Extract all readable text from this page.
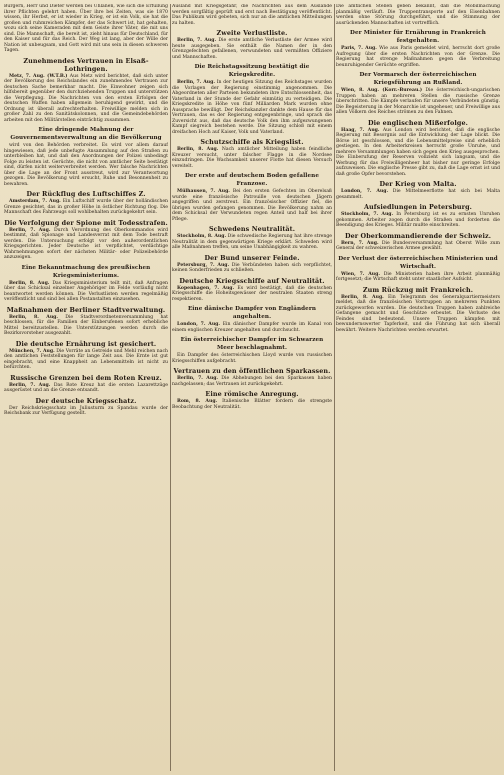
Bürgern, Herr und Dieter werden bei Uhlanen, wie sich die Erfüllung ihrer Pflichten gelehrt haben. Über ihre bei Zeiten, was sie 1870 wissen, ihr Herbst, er ist wieder in Krieg, er ist ein Volk, sie hat die großen und ruhmreichen Kämpfer, der das Schwert ist, hat gehalten, wozu sich seine Kameraden mit dem Geiste ihrer Väter, die mit uns sind. Die Mannschaft, die bereit ist, zieht hinaus für Deutschland, für den Kaiser und für das Reich. Der Weg ist lang, aber der Wille der Nation ist unbeugsam, und Gott wird mit uns sein in diesen schweren Tagen.

Zunehmendes Vertrauen in Elsaß-Lothringen.

Metz, 7. Aug. (W.T.B.) Aus Metz wird berichtet, daß sich unter der Bevölkerung des Reichslandes ein zunehmendes Vertrauen zur deutschen Sache bemerkbar macht. Die Einwohner zeigen sich hilfsbereit gegenüber den durchziehenden Truppen und unterstützen die Verpflegung. Die Nachrichten von den ersten Erfolgen der deutschen Waffen haben allgemein beruhigend gewirkt, und die Ordnung ist überall aufrechterhalten. Freiwillige melden sich in großer Zahl zu den Sanitätskolonnen, und die Gemeindebehörden arbeiten mit den Militärstellen einträchtig zusammen.

Eine dringende Mahnung der Gouvernementsverwaltung an die Bevölkerung

wird von den Behörden verbreitet. Es wird vor allem darauf hingewiesen, daß jede unbefugte Ansammlung auf den Straßen zu unterbleiben hat, und daß den Anordnungen der Polizei unbedingt Folge zu leisten ist. Gerüchte, die nicht von amtlicher Seite bestätigt sind, dürfen nicht weiterverbreitet werden. Wer falsche Nachrichten über die Lage an der Front ausstreut, wird zur Verantwortung gezogen. Die Bevölkerung wird ersucht, Ruhe und Besonnenheit zu bewahren.

Der Rückflug des Luftschiffes Z.

Amsterdam, 7. Aug. Ein Luftschiff wurde über der holländischen Grenze gesichtet, das in großer Höhe in östlicher Richtung flog. Die Mannschaft des Fahrzeugs soll wohlbehalten zurückgekehrt sein.

Die Verfolgung der Spione mit Todesstrafen.

Berlin, 7. Aug. Durch Verordnung des Oberkommandos wird bestimmt, daß Spionage und Landesverrat mit dem Tode bestraft werden. Die Untersuchung erfolgt vor den außerordentlichen Kriegsgerichten. Jeder Deutsche ist verpflichtet, verdächtige Wahrnehmungen sofort der nächsten Militär- oder Polizeibehörde anzuzeigen.

Eine Bekanntmachung des preußischen Kriegsministeriums.

Berlin, 8. Aug. Das Kriegsministerium teilt mit, daß Anfragen über das Schicksal einzelner Angehöriger im Felde vorläufig nicht beantwortet werden können. Die Verlustlisten werden regelmäßig veröffentlicht und sind bei allen Postanstalten einzusehen.

Maßnahmen der Berliner Stadtverwaltung.

Berlin, 8. Aug. Die Stadtverordnetenversammlung hat beschlossen, für die Familien der Einberufenen sofort erhebliche Mittel bereitzustellen. Die Unterstützungen werden durch die Bezirksvorsteher ausgezahlt.

Die deutsche Ernährung ist gesichert.

München, 7. Aug. Die Vorräte an Getreide und Mehl reichen nach den amtlichen Feststellungen für lange Zeit aus. Die Ernte ist gut eingebracht, und eine Knappheit an Lebensmitteln ist nicht zu befürchten.

Russische Grenzen bei dem Roten Kreuz.

Berlin, 7. Aug. Das Rote Kreuz hat die ersten Lazarettzüge ausgerüstet und an die Grenze entsandt.

Der deutsche Kriegsschatz.

Der Reichskriegsschatz im Juliusturm zu Spandau wurde der Reichsbank zur Verfügung gestellt.

Ausland mit Kriegsgefahr, die Nachrichten aus dem Auslande werden sorgfältig geprüft und erst nach Bestätigung veröffentlicht. Das Publikum wird gebeten, sich nur an die amtlichen Mitteilungen zu halten.

Zweite Verlustliste.

Berlin, 7. Aug. Die erste amtliche Verlustliste der Armee wird heute ausgegeben. Sie enthält die Namen der in den Grenzgefechten gefallenen, verwundeten und vermißten Offiziere und Mannschaften.

Die Reichstagssitzung bestätigt die Kriegskredite.

Berlin, 7. Aug. In der heutigen Sitzung des Reichstages wurden die Vorlagen der Regierung einstimmig angenommen. Die Abgeordneten aller Parteien bekundeten ihre Entschlossenheit, das Vaterland in der Stunde der Gefahr einmütig zu verteidigen. Die Kriegskredite in Höhe von fünf Milliarden Mark wurden ohne Aussprache bewilligt. Der Reichskanzler dankte dem Hause für das Vertrauen, das es der Regierung entgegenbringe, und sprach die Zuversicht aus, daß das deutsche Volk den ihm aufgezwungenen Kampf siegreich bestehen werde. Die Sitzung schloß mit einem dreifachen Hoch auf Kaiser, Volk und Vaterland.

Schutzschiffe als Kriegslist.

Berlin, 8. Aug. Nach amtlicher Mitteilung haben feindliche Kreuzer versucht, unter falscher Flagge in die Nordsee einzudringen. Die Wachsamkeit unserer Flotte hat diesen Versuch vereitelt.

Der erste auf deutschem Boden gefallene Franzose.

Mülhausen, 7. Aug. Bei den ersten Gefechten im Oberelsaß wurde eine französische Patrouille von deutschen Jägern angegriffen und zerstreut. Ein französischer Offizier fiel, die übrigen wurden gefangen genommen. Die Bevölkerung nahm an dem Schicksal der Verwundeten regen Anteil und half bei ihrer Pflege.

Schwedens Neutralität.

Stockholm, 8. Aug. Die schwedische Regierung hat ihre strenge Neutralität in dem gegenwärtigen Kriege erklärt. Schweden wird alle Maßnahmen treffen, um seine Unabhängigkeit zu wahren.

Der Bund unserer Feinde.

Petersburg, 7. Aug. Die Verbündeten haben sich verpflichtet, keinen Sonderfrieden zu schließen.

Deutsche Kriegsschiffe auf Neutralität.

Kopenhagen, 7. Aug. Es wird bestätigt, daß die deutschen Kriegsschiffe die Hoheitsgewässer der neutralen Staaten streng respektieren.

Eine dänische Dampfer von Engländern angehalten.

London, 7. Aug. Ein dänischer Dampfer wurde im Kanal von einem englischen Kreuzer angehalten und durchsucht.

Ein österreichischer Dampfer im Schwarzen Meer beschlagnahmt.

Ein Dampfer des österreichischen Lloyd wurde von russischen Kriegsschiffen aufgebracht.

Vertrauen zu den öffentlichen Sparkassen.

Berlin, 7. Aug. Die Abhebungen bei den Sparkassen haben nachgelassen; das Vertrauen ist zurückgekehrt.

Eine römische Anregung.

Rom, 8. Aug. Italienische Blätter fordern die strengste Beobachtung der Neutralität.

Die amtlichen Stellen geben bekannt, daß die Mobilmachung planmäßig verläuft. Die Truppentransporte auf den Eisenbahnen werden ohne Störung durchgeführt, und die Stimmung der ausrückenden Mannschaften ist vortrefflich.

Der Minister für Ernährung in Frankreich festgehalten.

Paris, 7. Aug. Wie aus Paris gemeldet wird, herrscht dort große Aufregung über die ersten Nachrichten von der Grenze. Die Regierung hat strenge Maßnahmen gegen die Verbreitung beunruhigender Gerüchte ergriffen.

Der Vormarsch der österreichischen Kriegsführung an Rußland.

Wien, 8. Aug. (Korr.-Bureau.) Die österreichisch-ungarischen Truppen haben an mehreren Stellen die russische Grenze überschritten. Die Kämpfe verlaufen für unsere Verbündeten günstig. Die Begeisterung in der Monarchie ist ungeheuer, und Freiwillige aus allen Völkern des Reiches strömen zu den Fahnen.

Die englischen Mißerfolge.

Haag, 7. Aug. Aus London wird berichtet, daß die englische Regierung mit Besorgnis auf die Entwicklung der Lage blickt. Die Börse ist geschlossen, und die Lebensmittelpreise sind erheblich gestiegen. In den Arbeiterkreisen herrscht große Unruhe, und mehrere Versammlungen haben sich gegen den Krieg ausgesprochen. Die Einberufung der Reserven vollzieht sich langsam, und die Werbung für das Freiwilligenheer hat bisher nur geringe Erfolge aufzuweisen. Die englische Presse gibt zu, daß die Lage ernst ist und daß große Opfer bevorstehen.

Der Krieg von Malta.

London, 7. Aug. Die Mittelmeerflotte hat sich bei Malta gesammelt.

Aufsiedlungen in Petersburg.

Stockholm, 7. Aug. In Petersburg ist es zu ernsten Unruhen gekommen. Arbeiter zogen durch die Straßen und forderten die Beendigung des Krieges. Militär mußte einschreiten.

Der Oberkommandierende der Schweiz.

Bern, 7. Aug. Die Bundesversammlung hat Oberst Wille zum General der schweizerischen Armee gewählt.

Der Verlust der österreichischen Ministerien und Wirtschaft.

Wien, 7. Aug. Die Ministerien haben ihre Arbeit planmäßig fortgesetzt; die Wirtschaft steht unter staatlicher Aufsicht.

Zum Rückzug mit Frankreich.

Berlin, 8. Aug. Ein Telegramm des Generalquartiermeisters meldet, daß die französischen Vortruppen an mehreren Punkten zurückgeworfen wurden. Die deutschen Truppen haben zahlreiche Gefangene gemacht und Geschütze erbeutet. Die Verluste des Feindes sind bedeutend. Unsere Truppen kämpfen mit bewundernswerter Tapferkeit, und die Führung hat sich überall bewährt. Weitere Nachrichten werden erwartet.
